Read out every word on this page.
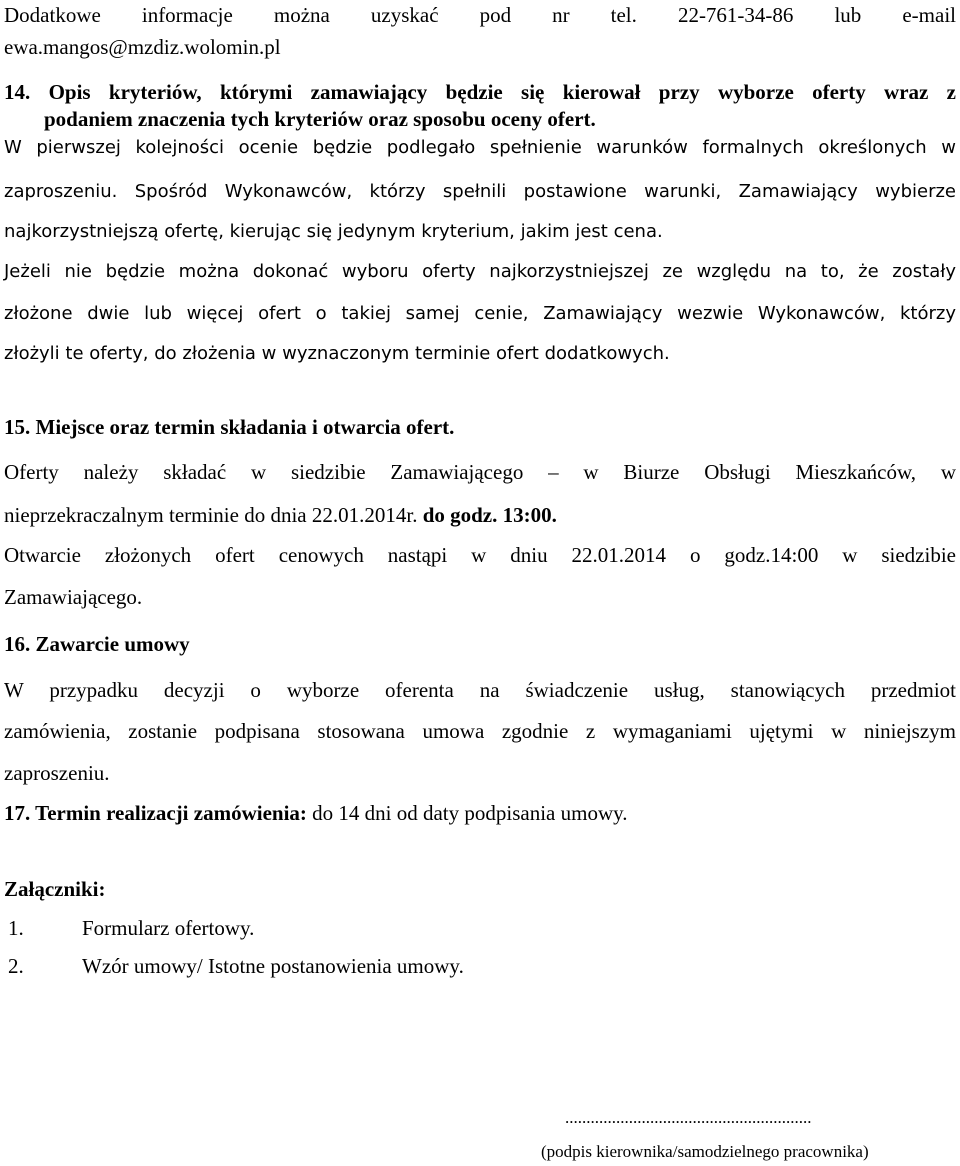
Dodatkowe informacje można uzyskać pod nr tel. 22-761-34-86 lub e-mail
ewa.mangos@mzdiz.wolomin.pl
14. Opis kryteriów, którymi zamawiający będzie się kierował przy wyborze oferty wraz z
podaniem znaczenia tych kryteriów oraz sposobu oceny ofert.
W pierwszej kolejności ocenie będzie podlegało spełnienie warunków formalnych określonych w
zaproszeniu. Spośród Wykonawców, którzy spełnili postawione warunki, Zamawiający wybierze
najkorzystniejszą ofertę, kierując się jedynym kryterium, jakim jest cena.
Jeżeli nie będzie można dokonać wyboru oferty najkorzystniejszej ze względu na to, że zostały
złożone dwie lub więcej ofert o takiej samej cenie, Zamawiający wezwie Wykonawców, którzy
złożyli te oferty, do złożenia w wyznaczonym terminie ofert dodatkowych.
15. Miejsce oraz termin składania i otwarcia ofert.
Oferty należy składać w siedzibie Zamawiającego – w Biurze Obsługi Mieszkańców, w
nieprzekraczalnym terminie do dnia 22.01.2014r. do godz. 13:00.
Otwarcie złożonych ofert cenowych nastąpi w dniu 22.01.2014 o godz.14:00 w siedzibie
Zamawiającego.
16. Zawarcie umowy
W przypadku decyzji o wyborze oferenta na świadczenie usług, stanowiących przedmiot
zamówienia, zostanie podpisana stosowana umowa zgodnie z wymaganiami ujętymi w niniejszym
zaproszeniu.
17. Termin realizacji zamówienia: do 14 dni od daty podpisania umowy.
Załączniki:
1.	Formularz ofertowy.
2.	Wzór umowy/ Istotne postanowienia umowy.
..........................................................
(podpis kierownika/samodzielnego pracownika)
